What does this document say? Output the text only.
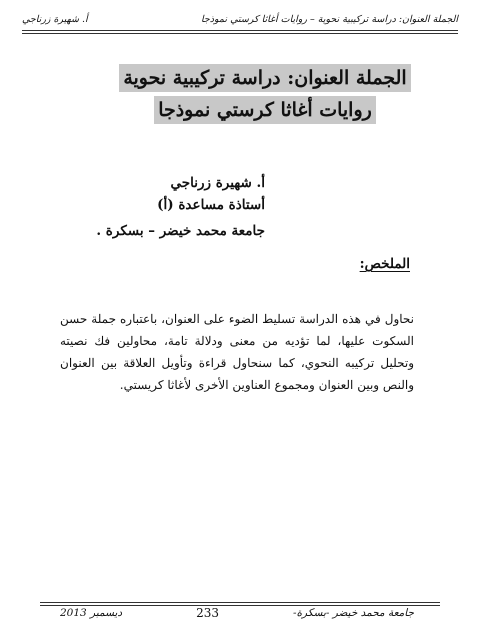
الجملة العنوان: دراسة تركيبية نحوية – روايات أغاثا كرستي نموذجا
أ. شهيرة زرناجي
الجملة العنوان: دراسة تركيبية نحوية
روايات أغاثا كرستي نموذجا
أ. شهيرة زرناجي
أستاذة مساعدة (أ)
جامعة محمد خيضر – بسكرة .
الملخص:

نحاول في هذه الدراسة تسليط الضوء على العنوان، باعتباره جملة حسن السكوت عليها، لما تؤديه من معنى ودلالة تامة، محاولين فك نصيته وتحليل تركيبه النحوي، كما سنحاول قراءة وتأويل العلاقة بين العنوان والنص وبين العنوان ومجموع العناوين الأخرى لأغاثا كريستي.

ديسمبر 2013	233	جامعة محمد خيضر -بسكرة-
